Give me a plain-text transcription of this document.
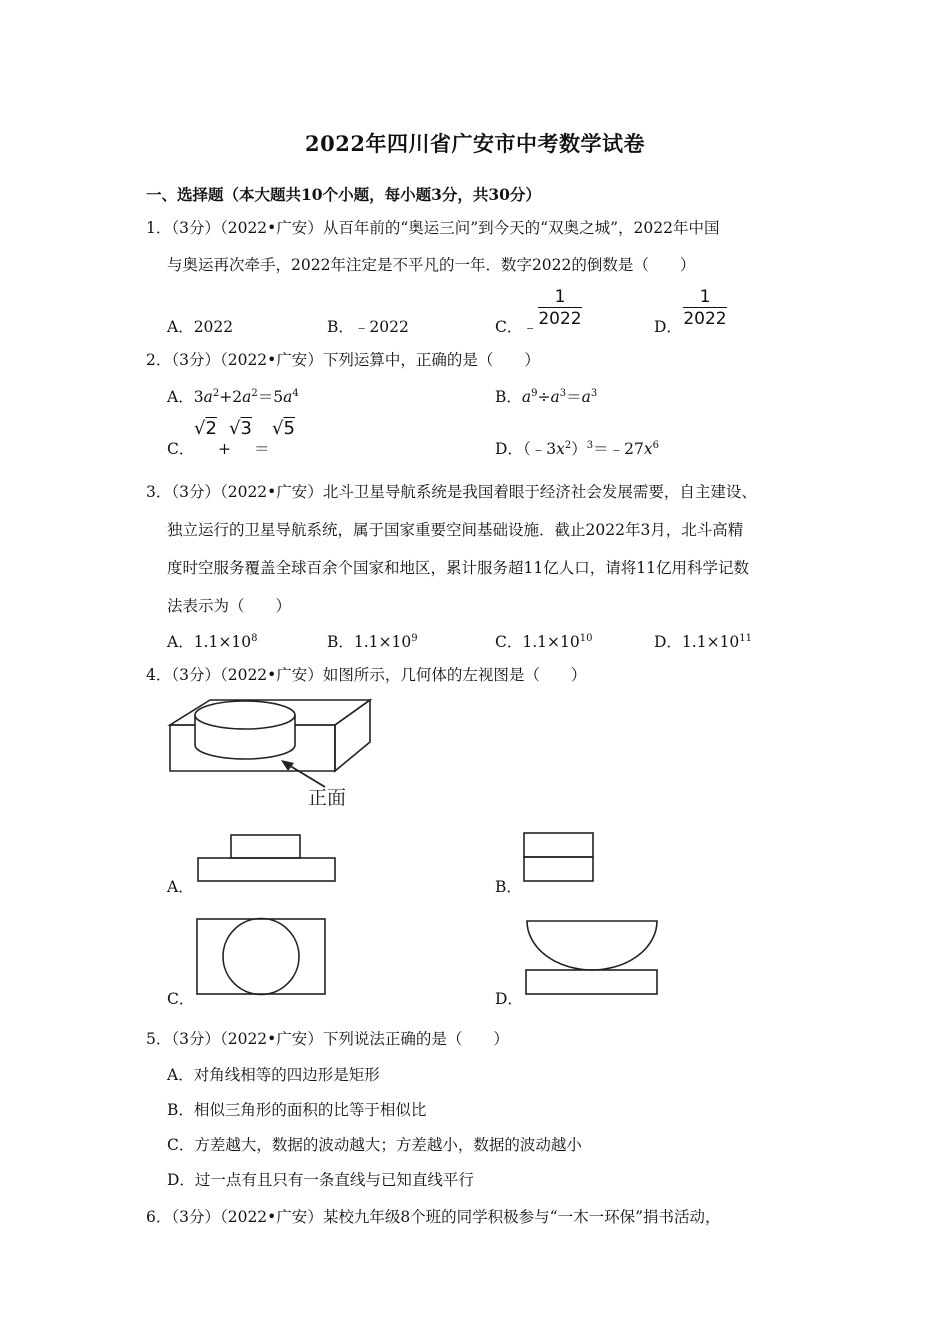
2022年四川省广安市中考数学试卷
一、选择题（本大题共10个小题，每小题3分，共30分）
1．（3分）（2022•广安）从百年前的“奥运三问”到今天的“双奥之城”，2022年中国
与奥运再次牵手，2022年注定是不平凡的一年．数字2022的倒数是（　　）
A．2022	B．﹣2022	C．﹣
1
2022	D．
1
2022
2．（3分）（2022•广安）下列运算中，正确的是（　　）
A．$3a^2+2a^2=5a^4$	B．$a^9\div a^3=a^3$
C．
√2
+
√3
＝
√5
D．$(﹣3x^2)^3=﹣27x^6$
3．（3分）（2022•广安）北斗卫星导航系统是我国着眼于经济社会发展需要，自主建设、
独立运行的卫星导航系统，属于国家重要空间基础设施．截止2022年3月，北斗高精
度时空服务覆盖全球百余个国家和地区，累计服务超11亿人口，请将11亿用科学记数
法表示为（　　）
A．$1.1\times 10^8$	B．$1.1\times 10^9$	C．$1.1\times 10^{10}$	D．$1.1\times 10^{11}$
4．（3分）（2022•广安）如图所示，几何体的左视图是（　　）
正面
A．	B．
C．	D．
5．（3分）（2022•广安）下列说法正确的是（　　）
A．对角线相等的四边形是矩形
B．相似三角形的面积的比等于相似比
C．方差越大，数据的波动越大；方差越小，数据的波动越小
D．过一点有且只有一条直线与已知直线平行
6．（3分）（2022•广安）某校九年级8个班的同学积极参与“一木一环保”捐书活动，
